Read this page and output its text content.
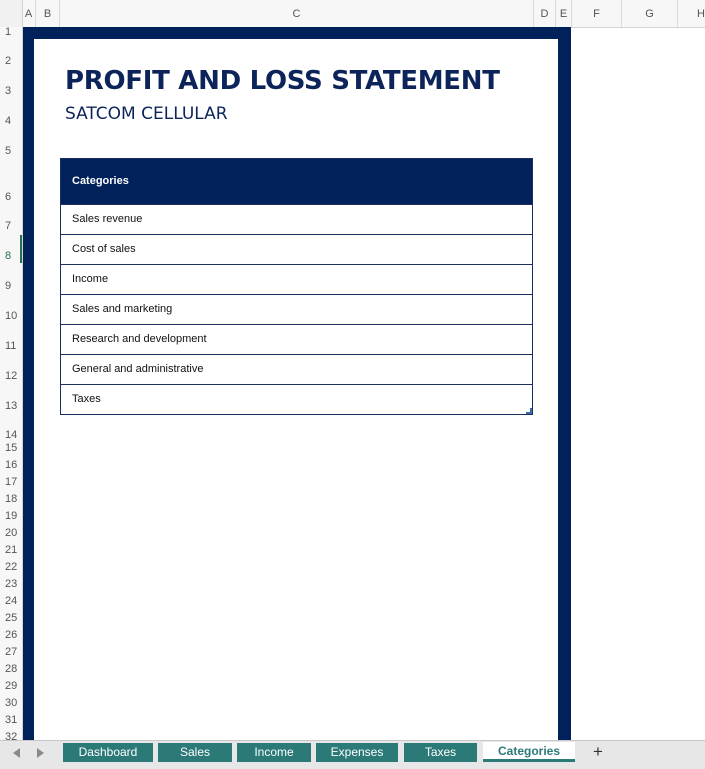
A	B	C	D	E	F	G	H
1
2
3
4
5
6
7
8
9
10
11
12
13
14
15
16
17
18
19
20
21
22
23
24
25
26
27
28
29
30
31
32
PROFIT AND LOSS STATEMENT
SATCOM CELLULAR
Categories
Sales revenue
Cost of sales
Income
Sales and marketing
Research and development
General and administrative
Taxes
Dashboard	Sales	Income	Expenses	Taxes	Categories	+
